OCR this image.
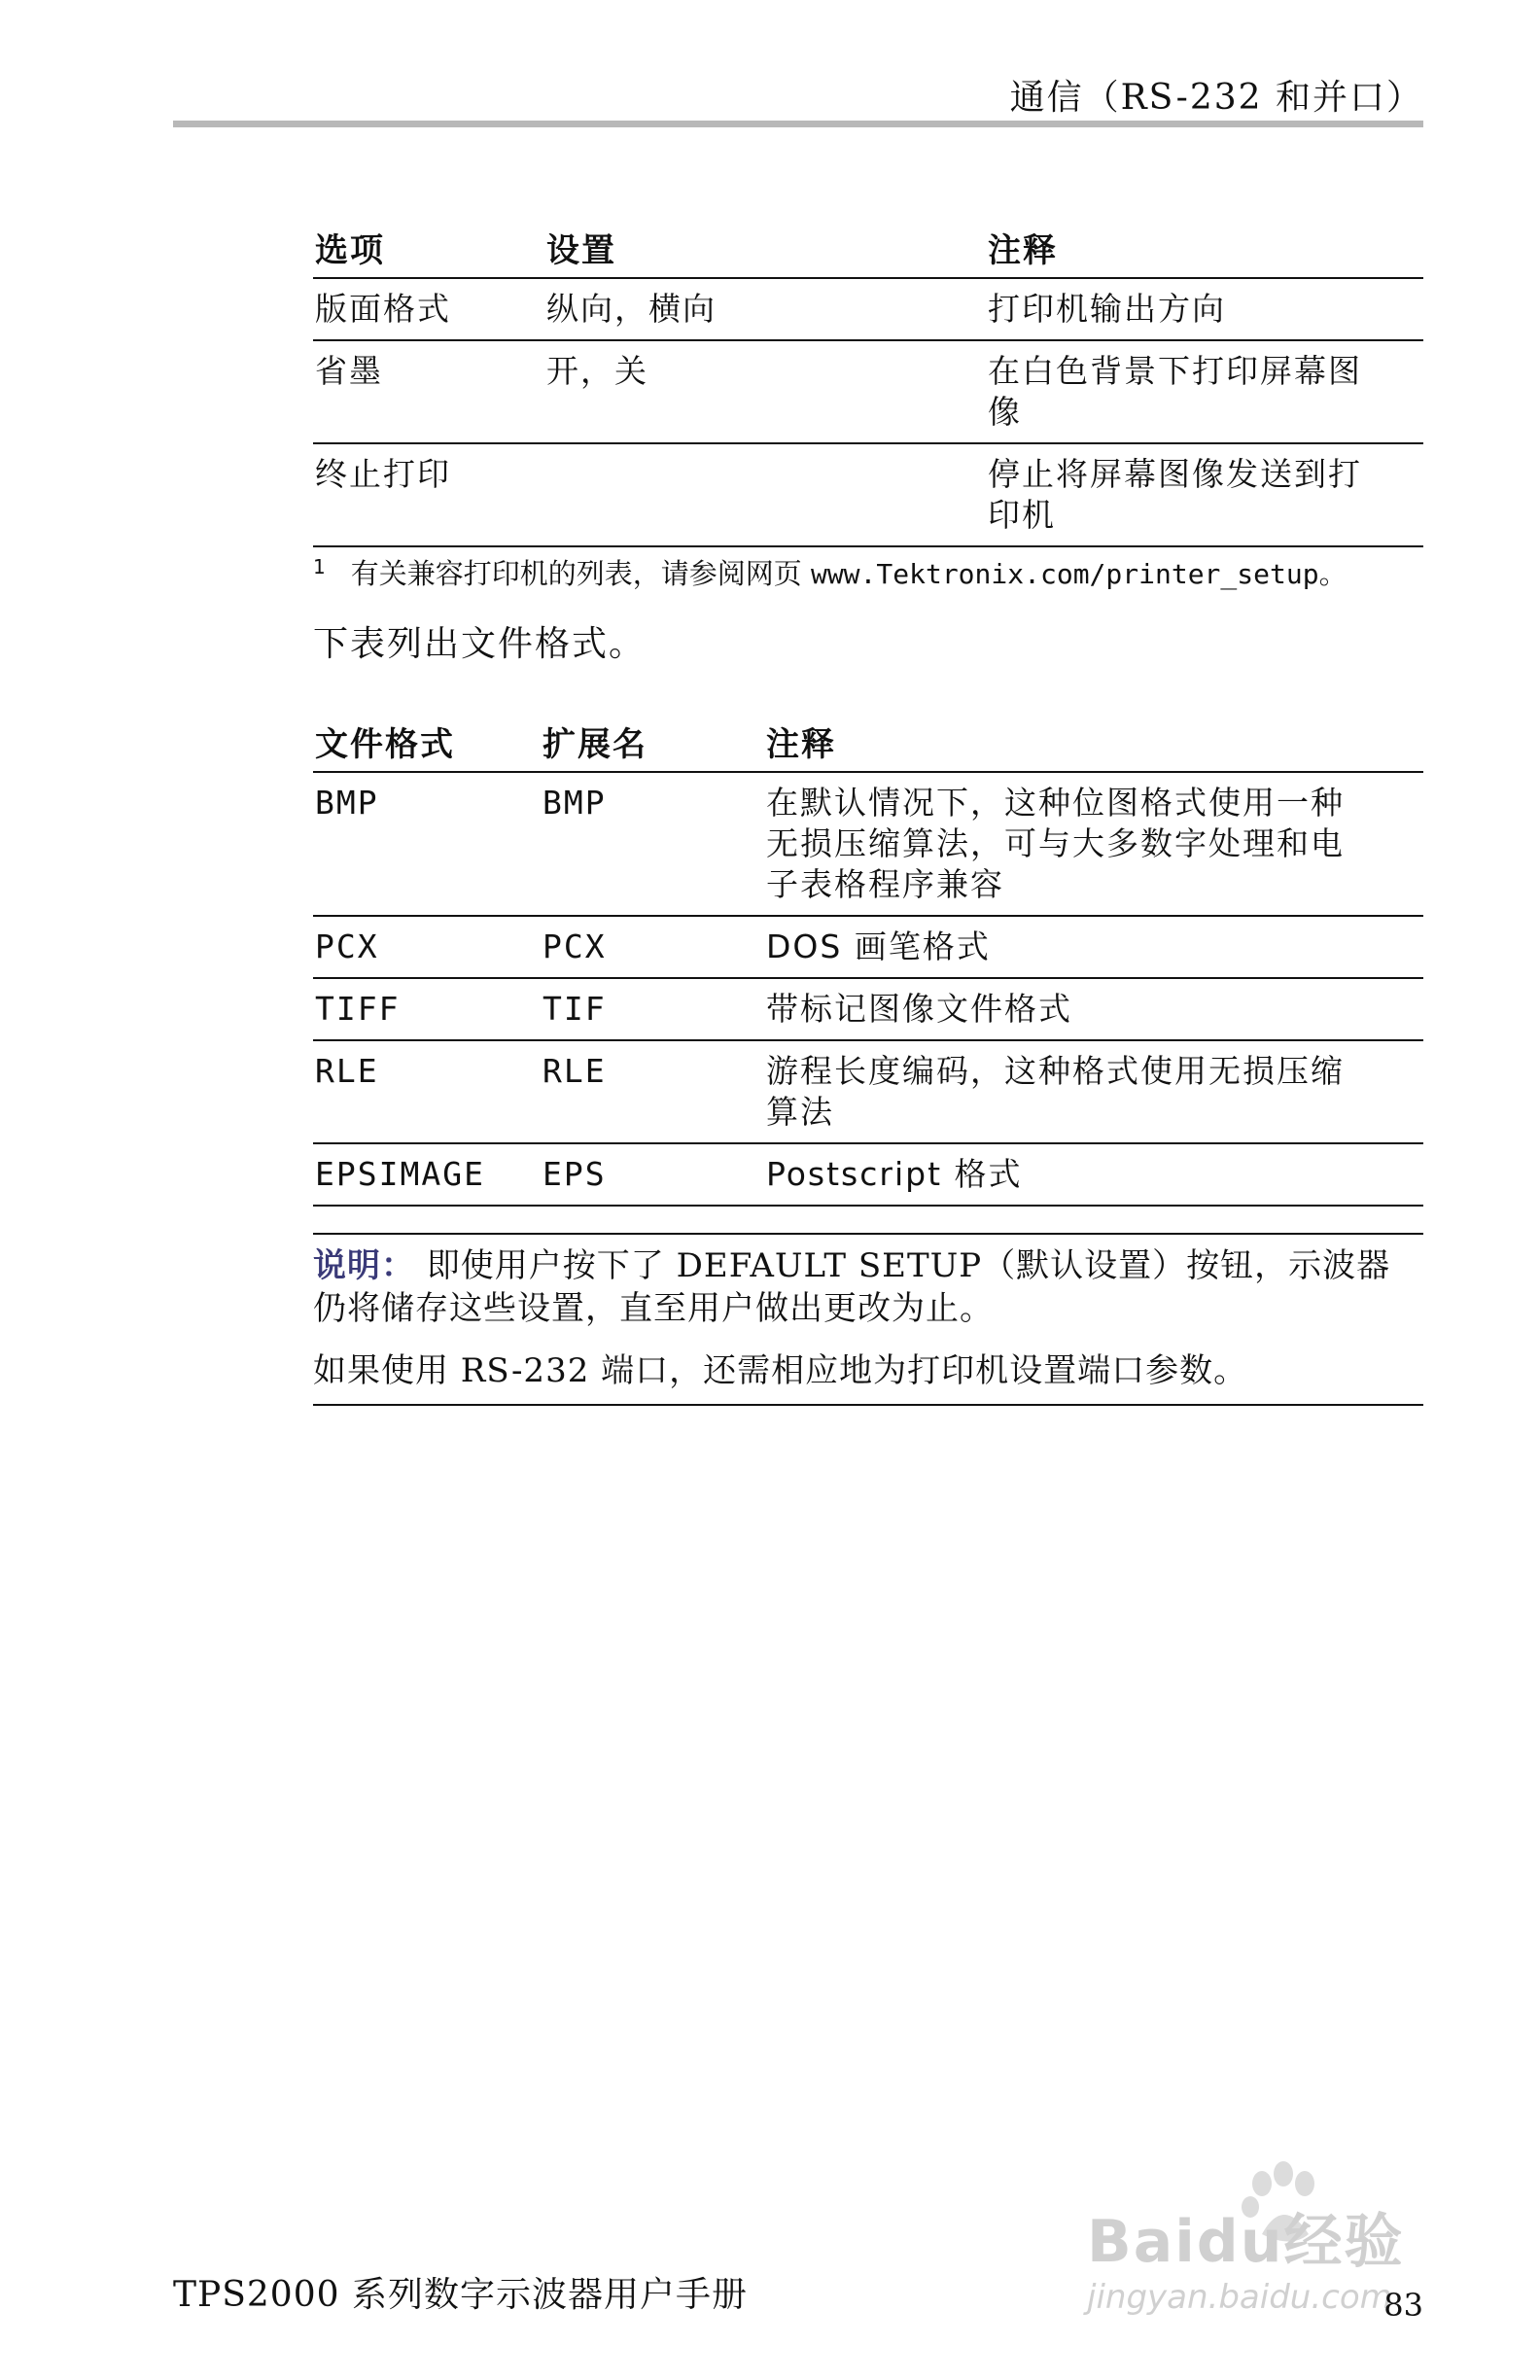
通信（RS-232 和并口）
选项	设置	注释
版面格式	纵向，横向	打印机输出方向
省墨	开，关	在白色背景下打印屏幕图像
终止打印		停止将屏幕图像发送到打印机
$^1$ 有关兼容打印机的列表，请参阅网页 www.Tektronix.com/printer_setup。
下表列出文件格式。
文件格式	扩展名	注释
BMP	BMP	在默认情况下，这种位图格式使用一种无损压缩算法，可与大多数字处理和电子表格程序兼容
PCX	PCX	DOS 画笔格式
TIFF	TIF	带标记图像文件格式
RLE	RLE	游程长度编码，这种格式使用无损压缩算法
EPSIMAGE	EPS	Postscript 格式

说明： 即使用户按下了 DEFAULT SETUP（默认设置）按钮，示波器仍将储存这些设置，直至用户做出更改为止。

如果使用 RS-232 端口，还需相应地为打印机设置端口参数。

Baidu经验
jingyan.baidu.com
TPS2000 系列数字示波器用户手册	83
